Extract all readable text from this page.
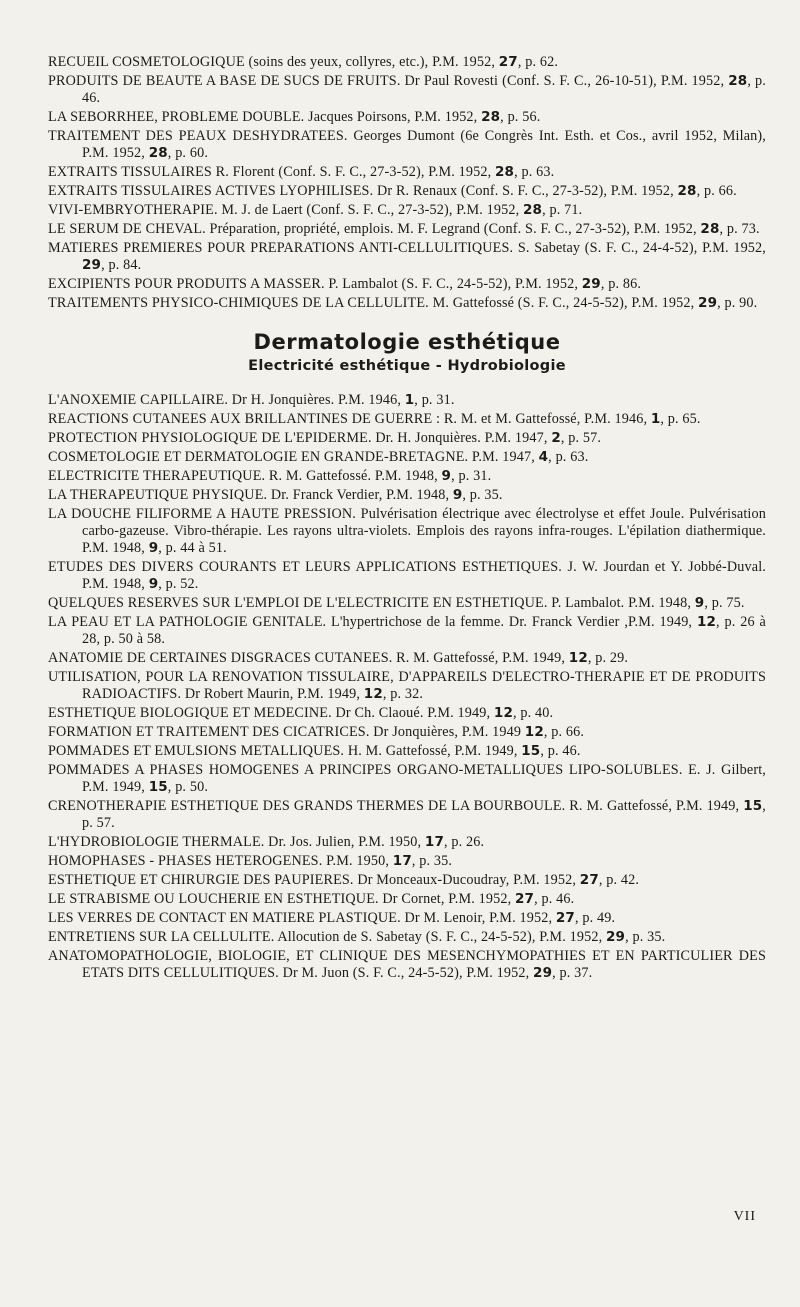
RECUEIL COSMETOLOGIQUE (soins des yeux, collyres, etc.), P.M. 1952, 27, p. 62.

PRODUITS DE BEAUTE A BASE DE SUCS DE FRUITS. Dr Paul Rovesti (Conf. S. F. C., 26-10-51), P.M. 1952, 28, p. 46.

LA SEBORRHEE, PROBLEME DOUBLE. Jacques Poirsons, P.M. 1952, 28, p. 56.

TRAITEMENT DES PEAUX DESHYDRATEES. Georges Dumont (6e Congrès Int. Esth. et Cos., avril 1952, Milan), P.M. 1952, 28, p. 60.

EXTRAITS TISSULAIRES R. Florent (Conf. S. F. C., 27-3-52), P.M. 1952, 28, p. 63.

EXTRAITS TISSULAIRES ACTIVES LYOPHILISES. Dr R. Renaux (Conf. S. F. C., 27-3-52), P.M. 1952, 28, p. 66.

VIVI-EMBRYOTHERAPIE. M. J. de Laert (Conf. S. F. C., 27-3-52), P.M. 1952, 28, p. 71.

LE SERUM DE CHEVAL. Préparation, propriété, emplois. M. F. Legrand (Conf. S. F. C., 27-3-52), P.M. 1952, 28, p. 73.

MATIERES PREMIERES POUR PREPARATIONS ANTI-CELLULITIQUES. S. Sabetay (S. F. C., 24-4-52), P.M. 1952, 29, p. 84.

EXCIPIENTS POUR PRODUITS A MASSER. P. Lambalot (S. F. C., 24-5-52), P.M. 1952, 29, p. 86.

TRAITEMENTS PHYSICO-CHIMIQUES DE LA CELLULITE. M. Gattefossé (S. F. C., 24-5-52), P.M. 1952, 29, p. 90.

Dermatologie esthétique
Electricité esthétique - Hydrobiologie

L'ANOXEMIE CAPILLAIRE. Dr H. Jonquières. P.M. 1946, 1, p. 31.

REACTIONS CUTANEES AUX BRILLANTINES DE GUERRE : R. M. et M. Gattefossé, P.M. 1946, 1, p. 65.

PROTECTION PHYSIOLOGIQUE DE L'EPIDERME. Dr. H. Jonquières. P.M. 1947, 2, p. 57.

COSMETOLOGIE ET DERMATOLOGIE EN GRANDE-BRETAGNE. P.M. 1947, 4, p. 63.

ELECTRICITE THERAPEUTIQUE. R. M. Gattefossé. P.M. 1948, 9, p. 31.

LA THERAPEUTIQUE PHYSIQUE. Dr. Franck Verdier, P.M. 1948, 9, p. 35.

LA DOUCHE FILIFORME A HAUTE PRESSION. Pulvérisation électrique avec électrolyse et effet Joule. Pulvérisation carbo-gazeuse. Vibro-thérapie. Les rayons ultra-violets. Emplois des rayons infra-rouges. L'épilation diathermique. P.M. 1948, 9, p. 44 à 51.

ETUDES DES DIVERS COURANTS ET LEURS APPLICATIONS ESTHETIQUES. J. W. Jourdan et Y. Jobbé-Duval. P.M. 1948, 9, p. 52.

QUELQUES RESERVES SUR L'EMPLOI DE L'ELECTRICITE EN ESTHETIQUE. P. Lambalot. P.M. 1948, 9, p. 75.

LA PEAU ET LA PATHOLOGIE GENITALE. L'hypertrichose de la femme. Dr. Franck Verdier ,P.M. 1949, 12, p. 26 à 28, p. 50 à 58.

ANATOMIE DE CERTAINES DISGRACES CUTANEES. R. M. Gattefossé, P.M. 1949, 12, p. 29.

UTILISATION, POUR LA RENOVATION TISSULAIRE, D'APPAREILS D'ELECTRO-THERAPIE ET DE PRODUITS RADIOACTIFS. Dr Robert Maurin, P.M. 1949, 12, p. 32.

ESTHETIQUE BIOLOGIQUE ET MEDECINE. Dr Ch. Claoué. P.M. 1949, 12, p. 40.

FORMATION ET TRAITEMENT DES CICATRICES. Dr Jonquières, P.M. 1949 12, p. 66.

POMMADES ET EMULSIONS METALLIQUES. H. M. Gattefossé, P.M. 1949, 15, p. 46.

POMMADES A PHASES HOMOGENES A PRINCIPES ORGANO-METALLIQUES LIPO-SOLUBLES. E. J. Gilbert, P.M. 1949, 15, p. 50.

CRENOTHERAPIE ESTHETIQUE DES GRANDS THERMES DE LA BOURBOULE. R. M. Gattefossé, P.M. 1949, 15, p. 57.

L'HYDROBIOLOGIE THERMALE. Dr. Jos. Julien, P.M. 1950, 17, p. 26.

HOMOPHASES - PHASES HETEROGENES. P.M. 1950, 17, p. 35.

ESTHETIQUE ET CHIRURGIE DES PAUPIERES. Dr Monceaux-Ducoudray, P.M. 1952, 27, p. 42.

LE STRABISME OU LOUCHERIE EN ESTHETIQUE. Dr Cornet, P.M. 1952, 27, p. 46.

LES VERRES DE CONTACT EN MATIERE PLASTIQUE. Dr M. Lenoir, P.M. 1952, 27, p. 49.

ENTRETIENS SUR LA CELLULITE. Allocution de S. Sabetay (S. F. C., 24-5-52), P.M. 1952, 29, p. 35.

ANATOMOPATHOLOGIE, BIOLOGIE, ET CLINIQUE DES MESENCHYMOPATHIES ET EN PARTICULIER DES ETATS DITS CELLULITIQUES. Dr M. Juon (S. F. C., 24-5-52), P.M. 1952, 29, p. 37.

VII
